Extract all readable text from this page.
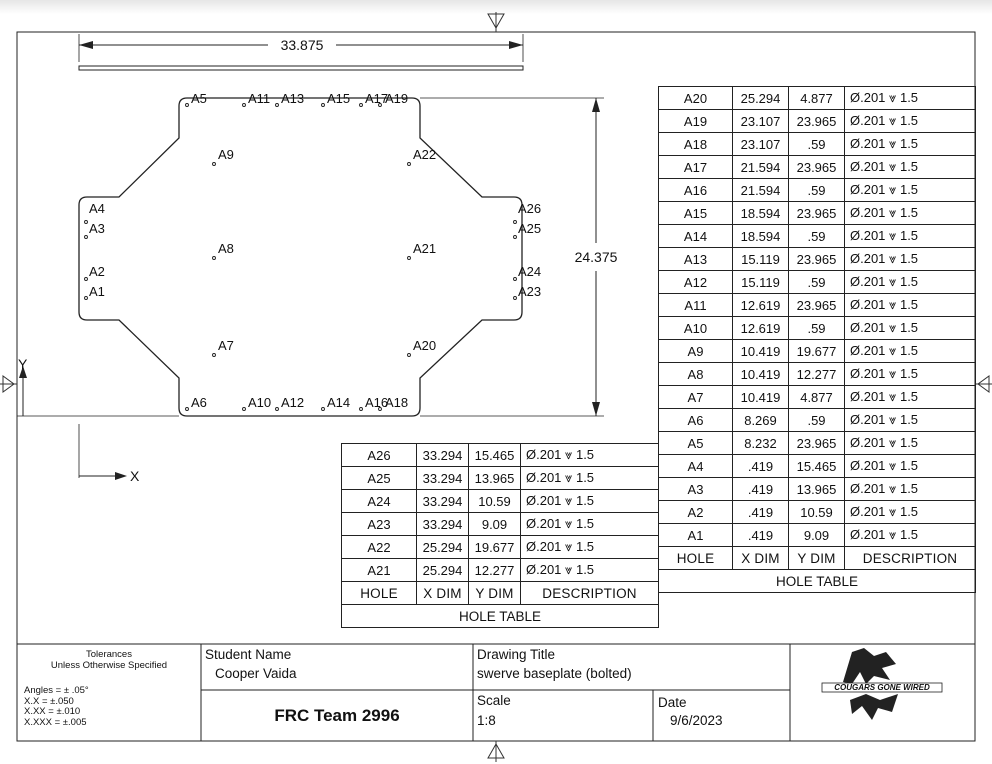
33.875
24.375
Y
X
A1
A2
A3
A4
A5
A6
A7
A8
A9
A10
A11
A12
A13
A14
A15
A16
A17
A18
A19
A20
A21
A22
A23
A24
A25
A26
COUGARS GONE WIRED
A20	25.294	4.877	Ø.201 ⩔ 1.5
A19	23.107	23.965	Ø.201 ⩔ 1.5
A18	23.107	.59	Ø.201 ⩔ 1.5
A17	21.594	23.965	Ø.201 ⩔ 1.5
A16	21.594	.59	Ø.201 ⩔ 1.5
A15	18.594	23.965	Ø.201 ⩔ 1.5
A14	18.594	.59	Ø.201 ⩔ 1.5
A13	15.119	23.965	Ø.201 ⩔ 1.5
A12	15.119	.59	Ø.201 ⩔ 1.5
A11	12.619	23.965	Ø.201 ⩔ 1.5
A10	12.619	.59	Ø.201 ⩔ 1.5
A9	10.419	19.677	Ø.201 ⩔ 1.5
A8	10.419	12.277	Ø.201 ⩔ 1.5
A7	10.419	4.877	Ø.201 ⩔ 1.5
A6	8.269	.59	Ø.201 ⩔ 1.5
A5	8.232	23.965	Ø.201 ⩔ 1.5
A4	.419	15.465	Ø.201 ⩔ 1.5
A3	.419	13.965	Ø.201 ⩔ 1.5
A2	.419	10.59	Ø.201 ⩔ 1.5
A1	.419	9.09	Ø.201 ⩔ 1.5
HOLE	X DIM	Y DIM	DESCRIPTION
HOLE TABLE			
A26	33.294	15.465	Ø.201 ⩔ 1.5
A25	33.294	13.965	Ø.201 ⩔ 1.5
A24	33.294	10.59	Ø.201 ⩔ 1.5
A23	33.294	9.09	Ø.201 ⩔ 1.5
A22	25.294	19.677	Ø.201 ⩔ 1.5
A21	25.294	12.277	Ø.201 ⩔ 1.5
HOLE	X DIM	Y DIM	DESCRIPTION
HOLE TABLE			
Tolerances
Unless Otherwise Specified
Angles = ± .05°
X.X = ±.050
X.XX = ±.010
X.XXX = ±.005
Student Name
Cooper Vaida
FRC Team 2996
Drawing Title
swerve baseplate (bolted)
Scale
1:8
Date
9/6/2023
